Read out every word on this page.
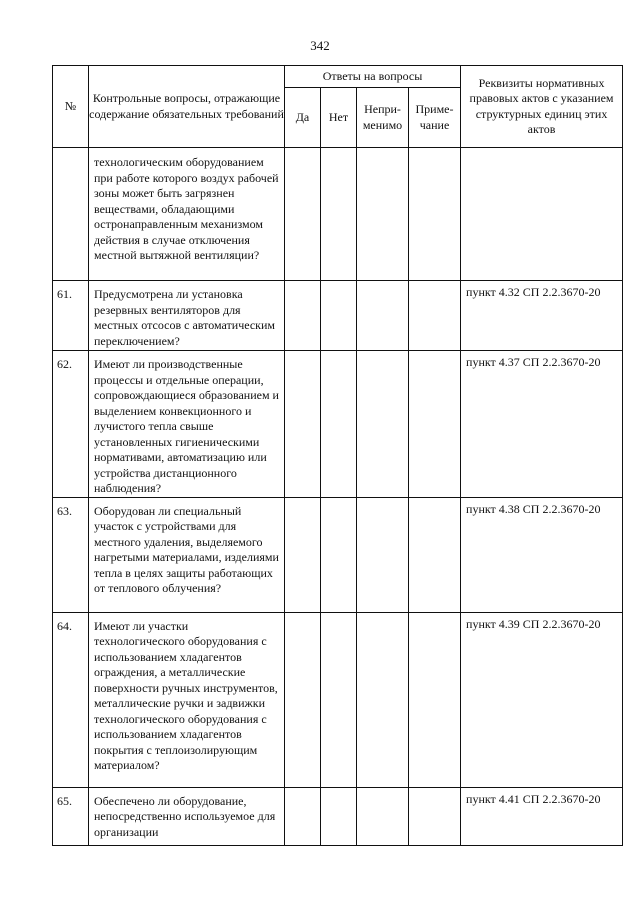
342
№	Контрольные вопросы, отражающие содержание обязательных требований	Ответы на вопросы				Реквизиты нормативных правовых актов с указанием структурных единиц этих актов
		Да	Нет	Непри-менимо	Приме-чание	
	технологическим оборудованием при работе которого воздух рабочей зоны может быть загрязнен веществами, обладающими остронаправленным механизмом действия в случае отключения местной вытяжной вентиляции?					
61.	Предусмотрена ли установка резервных вентиляторов для местных отсосов с автоматическим переключением?					пункт 4.32 СП 2.2.3670-20
62.	Имеют ли производственные процессы и отдельные операции, сопровождающиеся образованием и выделением конвекционного и лучистого тепла свыше установленных гигиеническими нормативами, автоматизацию или устройства дистанционного наблюдения?					пункт 4.37 СП 2.2.3670-20
63.	Оборудован ли специальный участок с устройствами для местного удаления, выделяемого нагретыми материалами, изделиями тепла в целях защиты работающих от теплового облучения?					пункт 4.38 СП 2.2.3670-20
64.	Имеют ли участки технологического оборудования с использованием хладагентов ограждения, а металлические поверхности ручных инструментов, металлические ручки и задвижки технологического оборудования с использованием хладагентов покрытия с теплоизолирующим материалом?					пункт 4.39 СП 2.2.3670-20
65.	Обеспечено ли оборудование, непосредственно используемое для организации					пункт 4.41 СП 2.2.3670-20
